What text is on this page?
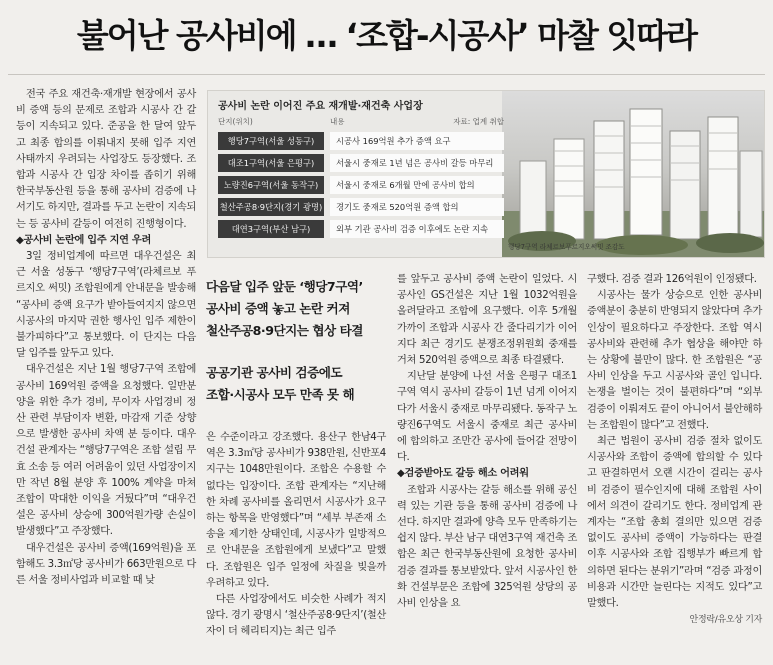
불어난 공사비에 … ‘조합-시공사’ 마찰 잇따라

전국 주요 재건축·재개발 현장에서 공사비 증액 등의 문제로 조합과 시공사 간 갈등이 지속되고 있다. 준공을 한 달여 앞두고 최종 합의를 이뤄내지 못해 입주 지연 사태까지 우려되는 사업장도 등장했다. 조합과 시공사 간 입장 차이를 좁히기 위해 한국부동산원 등을 통해 공사비 검증에 나서기도 하지만, 결과를 두고 논란이 지속되는 등 공사비 갈등이 여전히 진행형이다.

◆공사비 논란에 입주 지연 우려

3일 정비업계에 따르면 대우건설은 최근 서울 성동구 ‘행당7구역’(라체르보 푸르지오 써밋) 조합원에게 안내문을 발송해 “공사비 증액 요구가 받아들여지지 않으면 시공사의 마지막 권한 행사인 입주 제한이 불가피하다”고 통보했다. 이 단지는 다음달 입주를 앞두고 있다.

대우건설은 지난 1월 행당7구역 조합에 공사비 169억원 증액을 요청했다. 일반분양을 위한 추가 경비, 무이자 사업경비 정산 관련 부담이자 변환, 마감재 기준 상향으로 발생한 공사비 차액 분 등이다. 대우건설 관계자는 “행당7구역은 조합 설립 무효 소송 등 여러 어려움이 있던 사업장이지만 작년 8월 분양 후 100% 계약을 마쳐 조합이 막대한 이익을 거뒀다”며 “대우건설은 공사비 상승에 300억원가량 손실이 발생했다”고 주장했다.

대우건설은 공사비 증액(169억원)을 포함해도 3.3㎡당 공사비가 663만원으로 다른 서울 정비사업과 비교할 때 낮

공사비 논란 이어진 주요 재개발·재건축 사업장
단지(위치)	내용	자료: 업계 취합
행당7구역(서울 성동구)	시공사 169억원 추가 증액 요구
대조1구역(서울 은평구)	서울시 중재로 1년 넘은 공사비 갈등 마무리
노량진6구역(서울 동작구)	서울시 중재로 6개월 만에 공사비 합의
철산주공8·9단지(경기 광명)	경기도 중재로 520억원 증액 합의
대연3구역(부산 남구)	외부 기관 공사비 검증 이후에도 논란 지속
행당7구역 라체르보푸르지오써밋 조감도
다음달 입주 앞둔 ‘행당7구역’
공사비 증액 놓고 논란 커져
철산주공8·9단지는 협상 타결
공공기관 공사비 검증에도
조합·시공사 모두 만족 못 해

은 수준이라고 강조했다. 용산구 한남4구역은 3.3㎡당 공사비가 938만원, 신반포4지구는 1048만원이다. 조합은 수용할 수 없다는 입장이다. 조합 관계자는 “지난해 한 차례 공사비를 올리면서 시공사가 요구하는 항목을 반영했다”며 “세부 부존재 소송을 제기한 상태인데, 시공사가 일방적으로 안내문을 조합원에게 보냈다”고 말했다. 조합원은 입주 일정에 차질을 빚을까 우려하고 있다.

다른 사업장에서도 비슷한 사례가 적지 않다. 경기 광명시 ‘철산주공8·9단지’(철산자이 더 헤리티지)는 최근 입주

를 앞두고 공사비 증액 논란이 일었다. 시공사인 GS건설은 지난 1월 1032억원을 올려달라고 조합에 요구했다. 이후 5개월 가까이 조합과 시공사 간 줄다리기가 이어지다 최근 경기도 분쟁조정위원회 중재를 거쳐 520억원 증액으로 최종 타결됐다.

지난달 분양에 나선 서울 은평구 대조1구역 역시 공사비 갈등이 1년 넘게 이어지다가 서울시 중재로 마무리됐다. 동작구 노량진6구역도 서울시 중재로 최근 공사비에 합의하고 조만간 공사에 들어갈 전망이다.

◆검증받아도 갈등 해소 어려워

조합과 시공사는 갈등 해소를 위해 공신력 있는 기관 등을 통해 공사비 검증에 나선다. 하지만 결과에 양측 모두 만족하기는 쉽지 않다. 부산 남구 대연3구역 재건축 조합은 최근 한국부동산원에 요청한 공사비 검증 결과를 통보받았다. 앞서 시공사인 한화 건설부문은 조합에 325억원 상당의 공사비 인상을 요

구했다. 검증 결과 126억원이 인정됐다.

시공사는 물가 상승으로 인한 공사비 증액분이 충분히 반영되지 않았다며 추가 인상이 필요하다고 주장한다. 조합 역시 공사비와 관련해 추가 협상을 해야만 하는 상황에 불만이 많다. 한 조합원은 “공사비 인상을 두고 시공사와 골인 입니다. 논쟁을 벌이는 것이 불편하다”며 “외부 검증이 이뤄져도 끝이 아니어서 불안해하는 조합원이 많다”고 전했다.

최근 법원이 공사비 검증 절차 없이도 시공사와 조합이 증액에 합의할 수 있다고 판결하면서 오랜 시간이 걸리는 공사비 검증이 필수인지에 대해 조합원 사이에서 의견이 갈리기도 한다. 정비업계 관계자는 “조합 총회 결의만 있으면 검증 없이도 공사비 증액이 가능하다는 판결 이후 시공사와 조합 집행부가 빠르게 합의하면 된다는 분위기”라며 “검증 과정이 비용과 시간만 늘린다는 지적도 있다”고 말했다.

안정락/유오상 기자
